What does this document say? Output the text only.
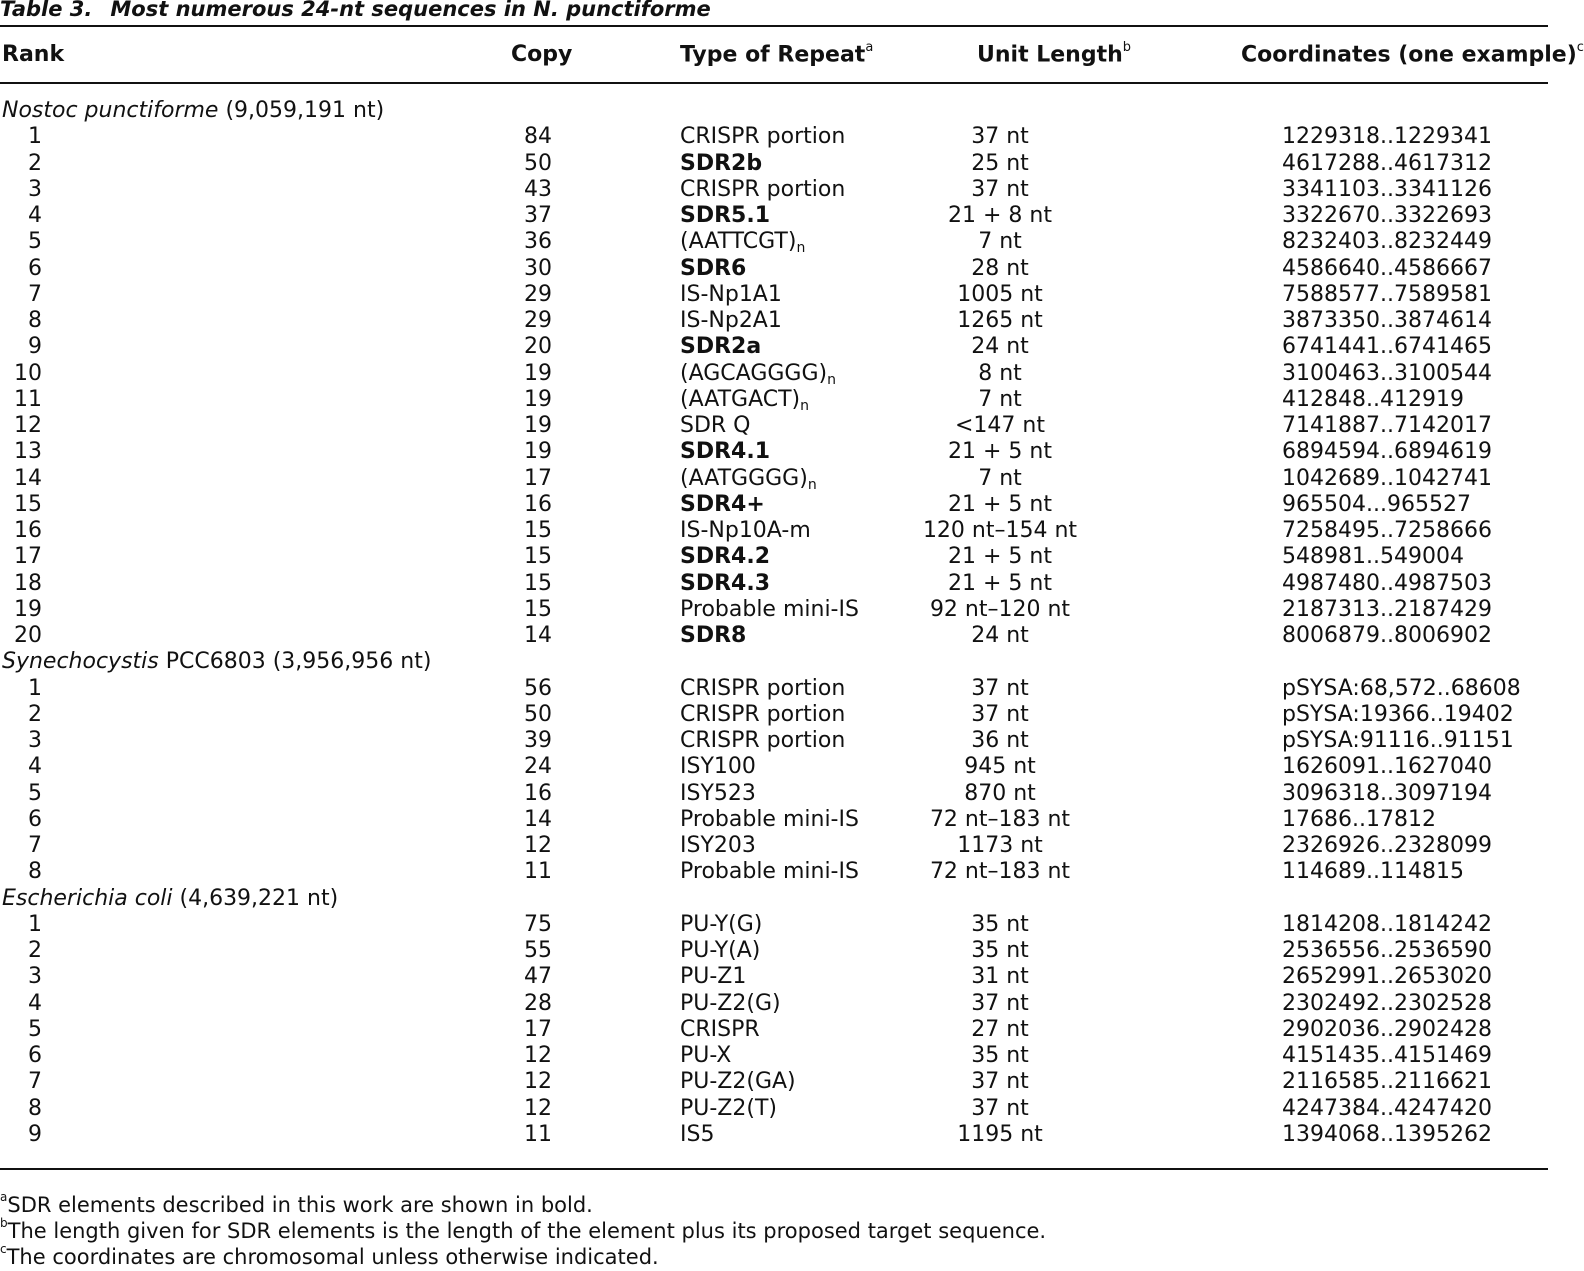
Table 3. Most numerous 24-nt sequences in N. punctiforme
Rank	Copy	Type of Repeat$^a$	Unit Length$^b$	Coordinates (one example)$^c$
Nostoc punctiforme (9,059,191 nt)
1	84	CRISPR portion	37 nt	1229318..1229341
2	50	SDR2b	25 nt	4617288..4617312
3	43	CRISPR portion	37 nt	3341103..3341126
4	37	SDR5.1	21 + 8 nt	3322670..3322693
5	36	$(AATTCGT)_n$	7 nt	8232403..8232449
6	30	SDR6	28 nt	4586640..4586667
7	29	IS-Np1A1	1005 nt	7588577..7589581
8	29	IS-Np2A1	1265 nt	3873350..3874614
9	20	SDR2a	24 nt	6741441..6741465
10	19	$(AGCAGGGG)_n$	8 nt	3100463..3100544
11	19	$(AATGACT)_n$	7 nt	412848..412919
12	19	SDR Q	<147 nt	7141887..7142017
13	19	SDR4.1	21 + 5 nt	6894594..6894619
14	17	$(AATGGGG)_n$	7 nt	1042689..1042741
15	16	SDR4+	21 + 5 nt	965504...965527
16	15	IS-Np10A-m	120 nt–154 nt	7258495..7258666
17	15	SDR4.2	21 + 5 nt	548981..549004
18	15	SDR4.3	21 + 5 nt	4987480..4987503
19	15	Probable mini-IS	92 nt–120 nt	2187313..2187429
20	14	SDR8	24 nt	8006879..8006902
Synechocystis PCC6803 (3,956,956 nt)
1	56	CRISPR portion	37 nt	pSYSA:68,572..68608
2	50	CRISPR portion	37 nt	pSYSA:19366..19402
3	39	CRISPR portion	36 nt	pSYSA:91116..91151
4	24	ISY100	945 nt	1626091..1627040
5	16	ISY523	870 nt	3096318..3097194
6	14	Probable mini-IS	72 nt–183 nt	17686..17812
7	12	ISY203	1173 nt	2326926..2328099
8	11	Probable mini-IS	72 nt–183 nt	114689..114815
Escherichia coli (4,639,221 nt)
1	75	PU-Y(G)	35 nt	1814208..1814242
2	55	PU-Y(A)	35 nt	2536556..2536590
3	47	PU-Z1	31 nt	2652991..2653020
4	28	PU-Z2(G)	37 nt	2302492..2302528
5	17	CRISPR	27 nt	2902036..2902428
6	12	PU-X	35 nt	4151435..4151469
7	12	PU-Z2(GA)	37 nt	2116585..2116621
8	12	PU-Z2(T)	37 nt	4247384..4247420
9	11	IS5	1195 nt	1394068..1395262
$^a$SDR elements described in this work are shown in bold.
$^b$The length given for SDR elements is the length of the element plus its proposed target sequence.
$^c$The coordinates are chromosomal unless otherwise indicated.
